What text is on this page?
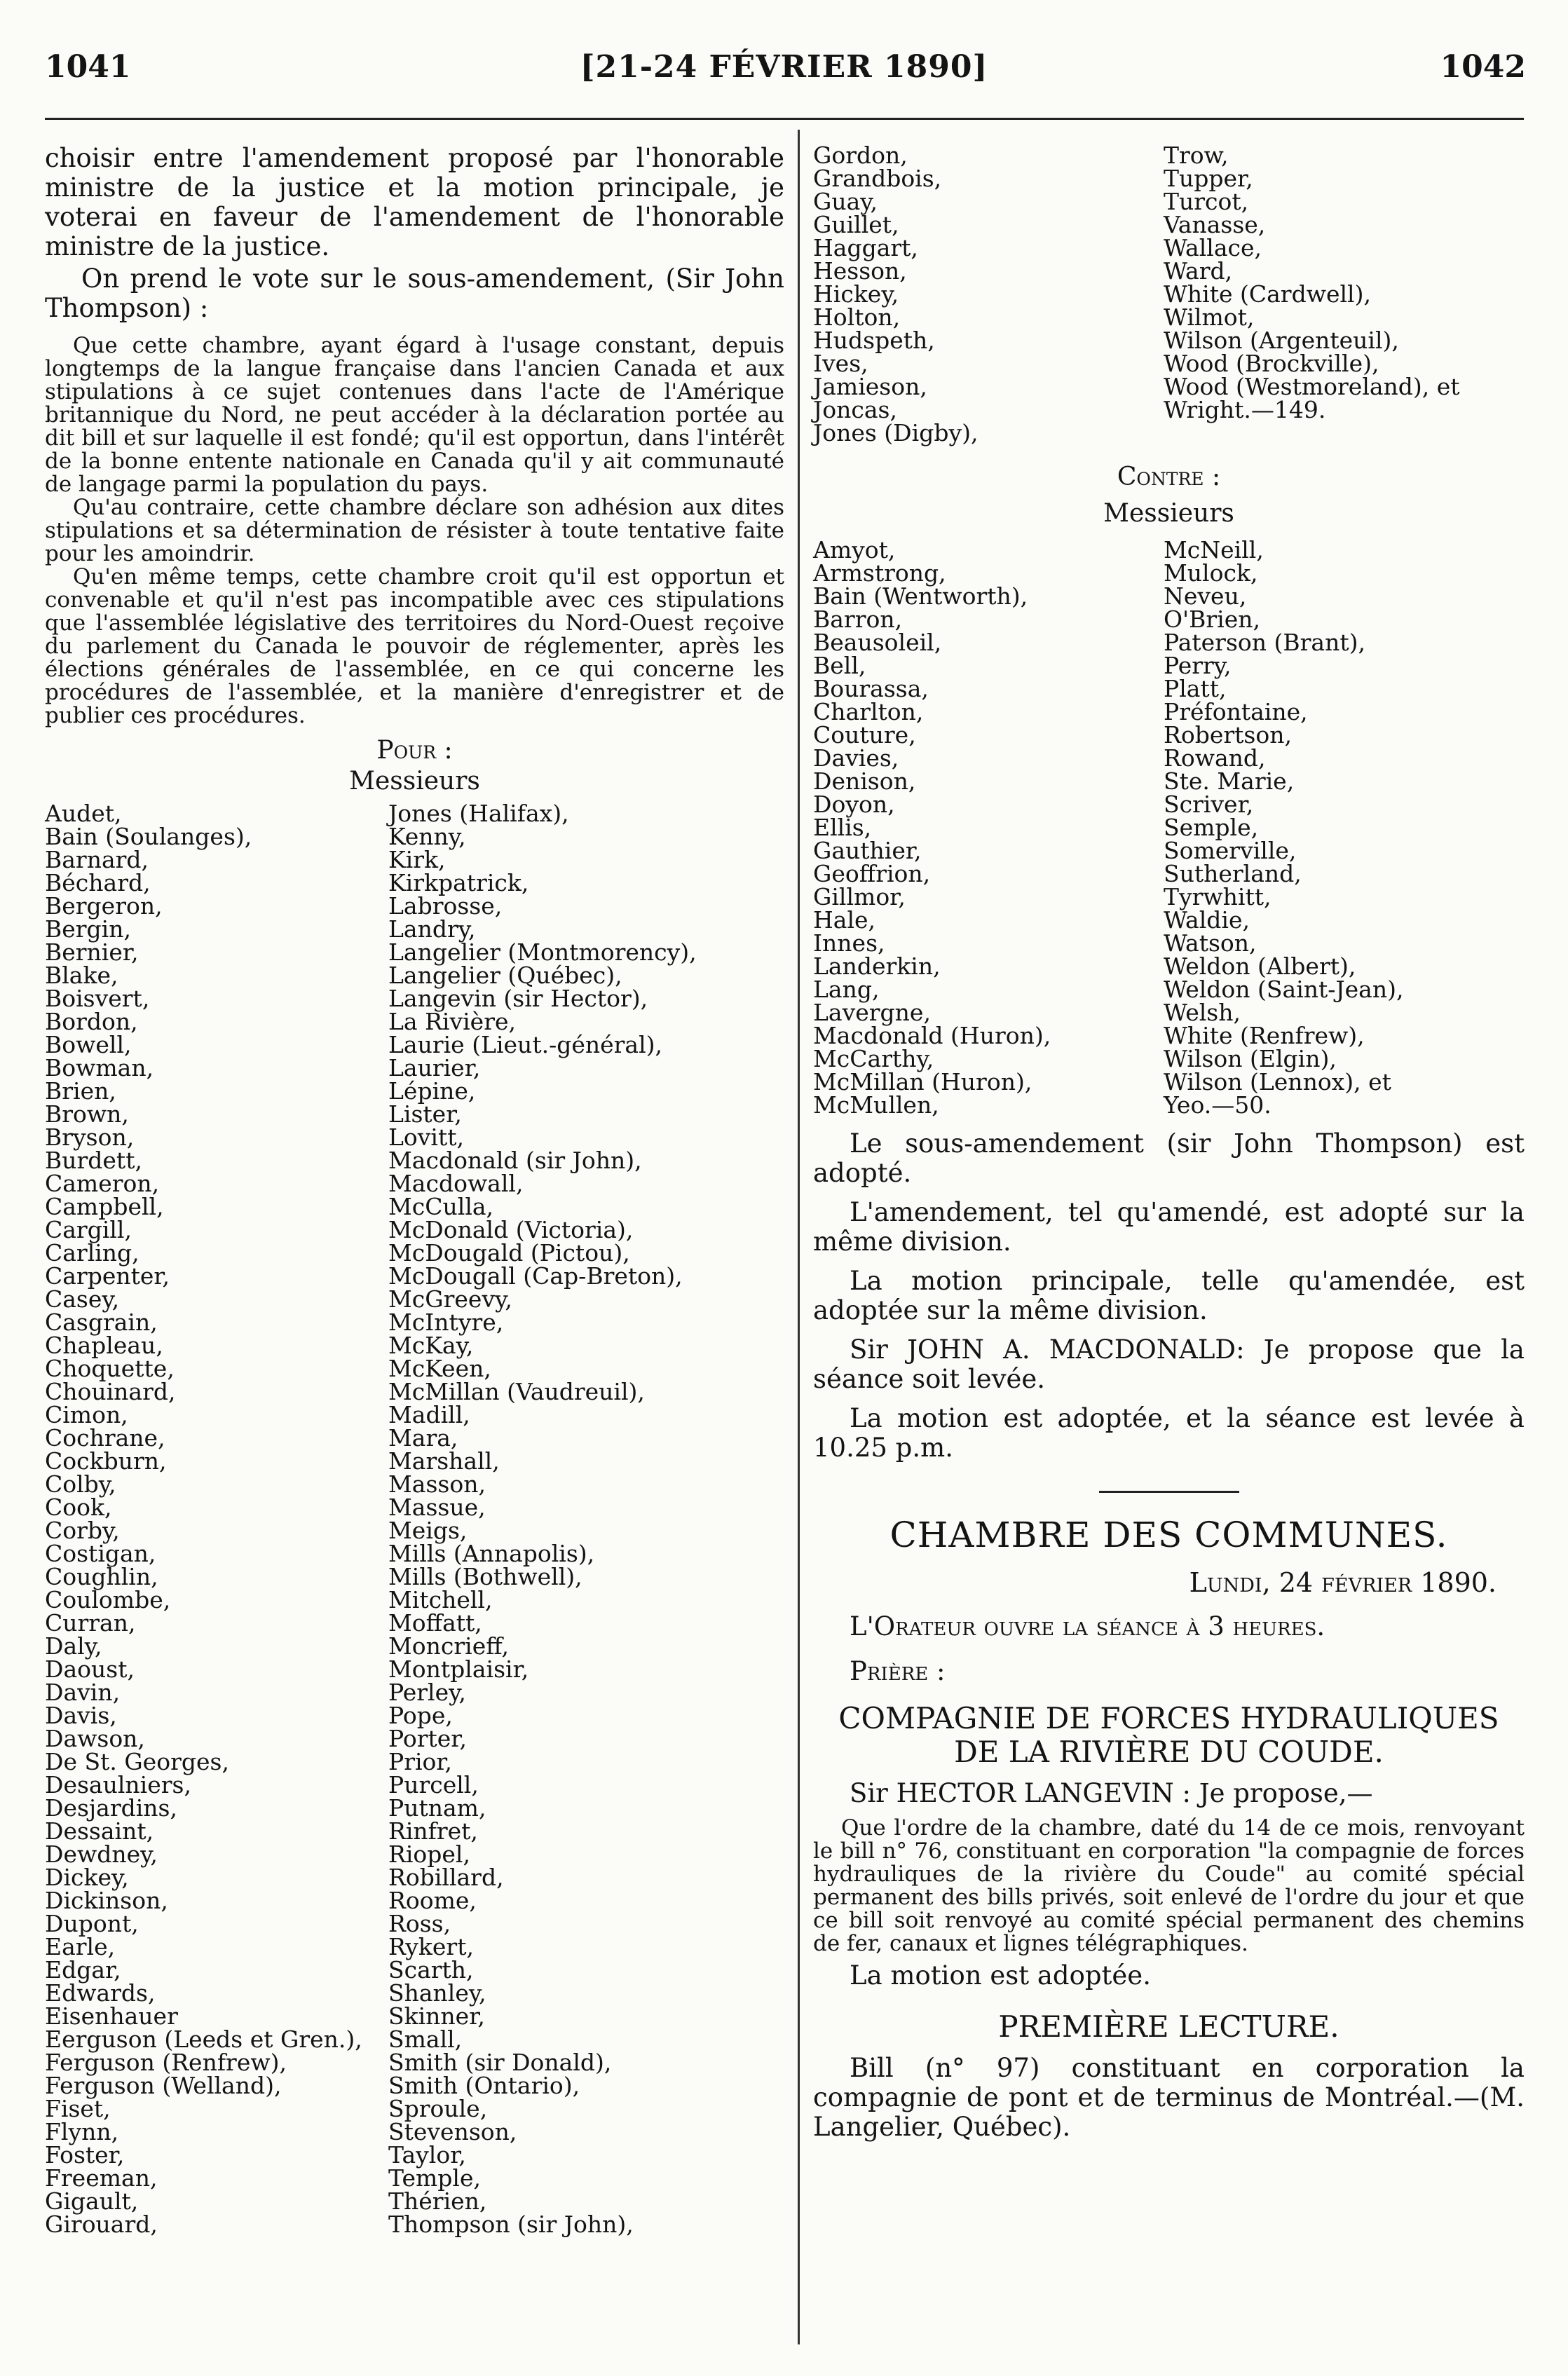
1041	[21-24 FÉVRIER 1890]	1042
choisir entre l'amendement proposé par l'honorable
ministre de la justice et la motion principale, je
voterai en faveur de l'amendement de l'honorable
ministre de la justice.

On prend le vote sur le sous-amendement, (Sir John Thompson) :

Que cette chambre, ayant égard à l'usage constant, depuis longtemps de la langue française dans l'ancien Canada et aux stipulations à ce sujet contenues dans l'acte de l'Amérique britannique du Nord, ne peut accéder à la déclaration portée au dit bill et sur laquelle il est fondé; qu'il est opportun, dans l'intérêt de la bonne entente nationale en Canada qu'il y ait communauté de langage parmi la population du pays.

Qu'au contraire, cette chambre déclare son adhésion aux dites stipulations et sa détermination de résister à toute tentative faite pour les amoindrir.

Qu'en même temps, cette chambre croit qu'il est opportun et convenable et qu'il n'est pas incompatible avec ces stipulations que l'assemblée législative des territoires du Nord-Ouest reçoive du parlement du Canada le pouvoir de réglementer, après les élections générales de l'assemblée, en ce qui concerne les procédures de l'assemblée, et la manière d'enregistrer et de publier ces procédures.

Pour :
Messieurs
Audet,
Bain (Soulanges),
Barnard,
Béchard,
Bergeron,
Bergin,
Bernier,
Blake,
Boisvert,
Bordon,
Bowell,
Bowman,
Brien,
Brown,
Bryson,
Burdett,
Cameron,
Campbell,
Cargill,
Carling,
Carpenter,
Casey,
Casgrain,
Chapleau,
Choquette,
Chouinard,
Cimon,
Cochrane,
Cockburn,
Colby,
Cook,
Corby,
Costigan,
Coughlin,
Coulombe,
Curran,
Daly,
Daoust,
Davin,
Davis,
Dawson,
De St. Georges,
Desaulniers,
Desjardins,
Dessaint,
Dewdney,
Dickey,
Dickinson,
Dupont,
Earle,
Edgar,
Edwards,
Eisenhauer
Eerguson (Leeds et Gren.),
Ferguson (Renfrew),
Ferguson (Welland),
Fiset,
Flynn,
Foster,
Freeman,
Gigault,
Girouard,
Jones (Halifax),
Kenny,
Kirk,
Kirkpatrick,
Labrosse,
Landry,
Langelier (Montmorency),
Langelier (Québec),
Langevin (sir Hector),
La Rivière,
Laurie (Lieut.-général),
Laurier,
Lépine,
Lister,
Lovitt,
Macdonald (sir John),
Macdowall,
McCulla,
McDonald (Victoria),
McDougald (Pictou),
McDougall (Cap-Breton),
McGreevy,
McIntyre,
McKay,
McKeen,
McMillan (Vaudreuil),
Madill,
Mara,
Marshall,
Masson,
Massue,
Meigs,
Mills (Annapolis),
Mills (Bothwell),
Mitchell,
Moffatt,
Moncrieff,
Montplaisir,
Perley,
Pope,
Porter,
Prior,
Purcell,
Putnam,
Rinfret,
Riopel,
Robillard,
Roome,
Ross,
Rykert,
Scarth,
Shanley,
Skinner,
Small,
Smith (sir Donald),
Smith (Ontario),
Sproule,
Stevenson,
Taylor,
Temple,
Thérien,
Thompson (sir John),
Gordon,
Grandbois,
Guay,
Guillet,
Haggart,
Hesson,
Hickey,
Holton,
Hudspeth,
Ives,
Jamieson,
Joncas,
Jones (Digby),
Trow,
Tupper,
Turcot,
Vanasse,
Wallace,
Ward,
White (Cardwell),
Wilmot,
Wilson (Argenteuil),
Wood (Brockville),
Wood (Westmoreland), et
Wright.—149.
Contre :
Messieurs
Amyot,
Armstrong,
Bain (Wentworth),
Barron,
Beausoleil,
Bell,
Bourassa,
Charlton,
Couture,
Davies,
Denison,
Doyon,
Ellis,
Gauthier,
Geoffrion,
Gillmor,
Hale,
Innes,
Landerkin,
Lang,
Lavergne,
Macdonald (Huron),
McCarthy,
McMillan (Huron),
McMullen,
McNeill,
Mulock,
Neveu,
O'Brien,
Paterson (Brant),
Perry,
Platt,
Préfontaine,
Robertson,
Rowand,
Ste. Marie,
Scriver,
Semple,
Somerville,
Sutherland,
Tyrwhitt,
Waldie,
Watson,
Weldon (Albert),
Weldon (Saint-Jean),
Welsh,
White (Renfrew),
Wilson (Elgin),
Wilson (Lennox), et
Yeo.—50.

Le sous-amendement (sir John Thompson) est adopté.

L'amendement, tel qu'amendé, est adopté sur la même division.

La motion principale, telle qu'amendée, est adoptée sur la même division.

Sir JOHN A. MACDONALD: Je propose que la séance soit levée.

La motion est adoptée, et la séance est levée à 10.25 p.m.

CHAMBRE DES COMMUNES.
Lundi, 24 février 1890.

L'Orateur ouvre la séance à 3 heures.

Prière :

COMPAGNIE DE FORCES HYDRAULIQUES
DE LA RIVIÈRE DU COUDE.

Sir HECTOR LANGEVIN : Je propose,—

Que l'ordre de la chambre, daté du 14 de ce mois, renvoyant le bill n° 76, constituant en corporation "la compagnie de forces hydrauliques de la rivière du Coude" au comité spécial permanent des bills privés, soit enlevé de l'ordre du jour et que ce bill soit renvoyé au comité spécial permanent des chemins de fer, canaux et lignes télégraphiques.

La motion est adoptée.

PREMIÈRE LECTURE.

Bill (n° 97) constituant en corporation la compagnie de pont et de terminus de Montréal.—(M. Langelier, Québec).
